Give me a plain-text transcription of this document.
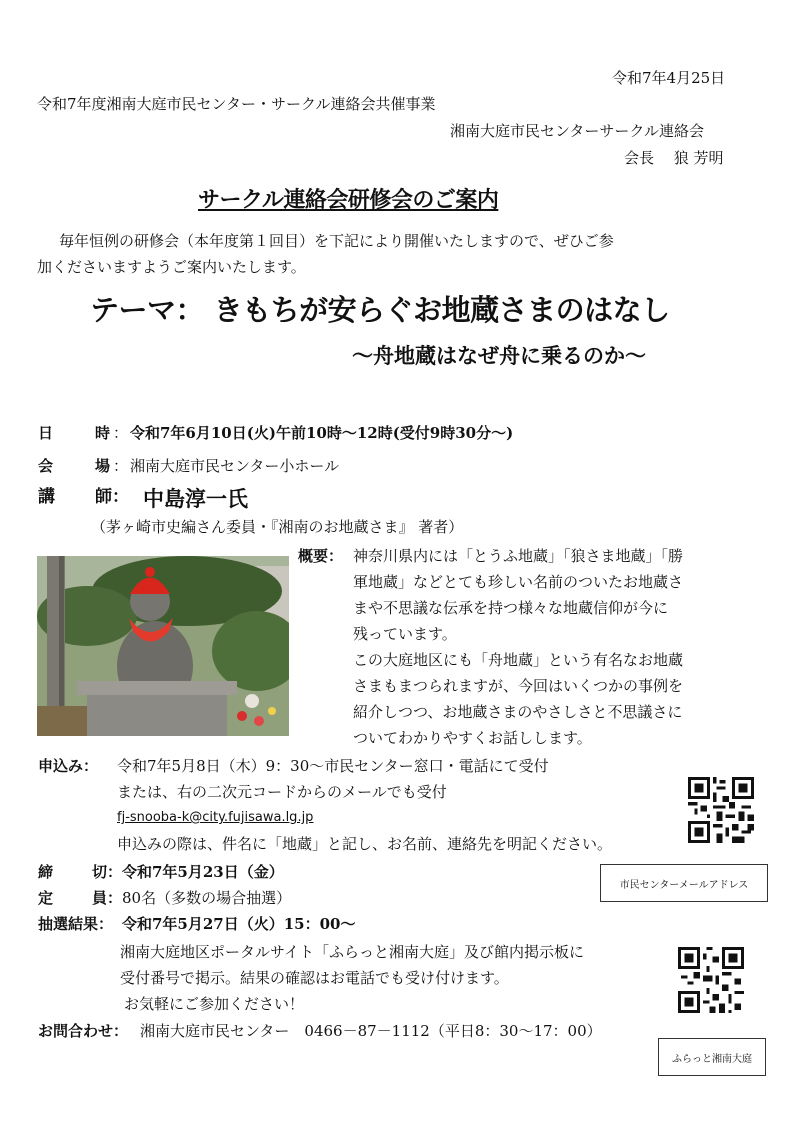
令和7年4月25日
令和7年度湘南大庭市民センター・サークル連絡会共催事業
湘南大庭市民センターサークル連絡会
会長　 狼 芳明
サークル連絡会研修会のご案内
毎年恒例の研修会（本年度第１回目）を下記により開催いたしますので、ぜひご参
加くださいますようご案内いたします。
テーマ： きもちが安らぐお地蔵さまのはなし
～舟地蔵はなぜ舟に乗るのか～
日	時 ： 令和7年6月10日(火)午前10時～12時(受付9時30分～)
会	場 ： 湘南大庭市民センター小ホール
講 師： 中島淳一氏
（茅ヶ崎市史編さん委員・『湘南のお地蔵さま』 著者）
概要： 神奈川県内には「とうふ地蔵」「狼さま地蔵」「勝
軍地蔵」などとても珍しい名前のついたお地蔵さ
まや不思議な伝承を持つ様々な地蔵信仰が今に
残っています。
この大庭地区にも「舟地蔵」という有名なお地蔵
さまもまつられますが、今回はいくつかの事例を
紹介しつつ、お地蔵さまのやさしさと不思議さに
ついてわかりやすくお話しします。
申込み： 令和7年5月8日（木）9：30～市民センター窓口・電話にて受付
または、右の二次元コードからのメールでも受付
fj-snooba-k@city.fujisawa.lg.jp
申込みの際は、件名に「地蔵」と記し、お名前、連絡先を明記ください。
市民センターメールアドレス
締	切： 令和7年5月23日（金）
定	員： 80名（多数の場合抽選）
抽選結果： 令和7年5月27日（火）15：00～
湘南大庭地区ポータルサイト「ふらっと湘南大庭」及び館内掲示板に
受付番号で掲示。結果の確認はお電話でも受け付けます。
お気軽にご参加ください！
ふらっと湘南大庭
お問合わせ： 湘南大庭市民センター　0466－87－1112（平日8：30～17：00）
